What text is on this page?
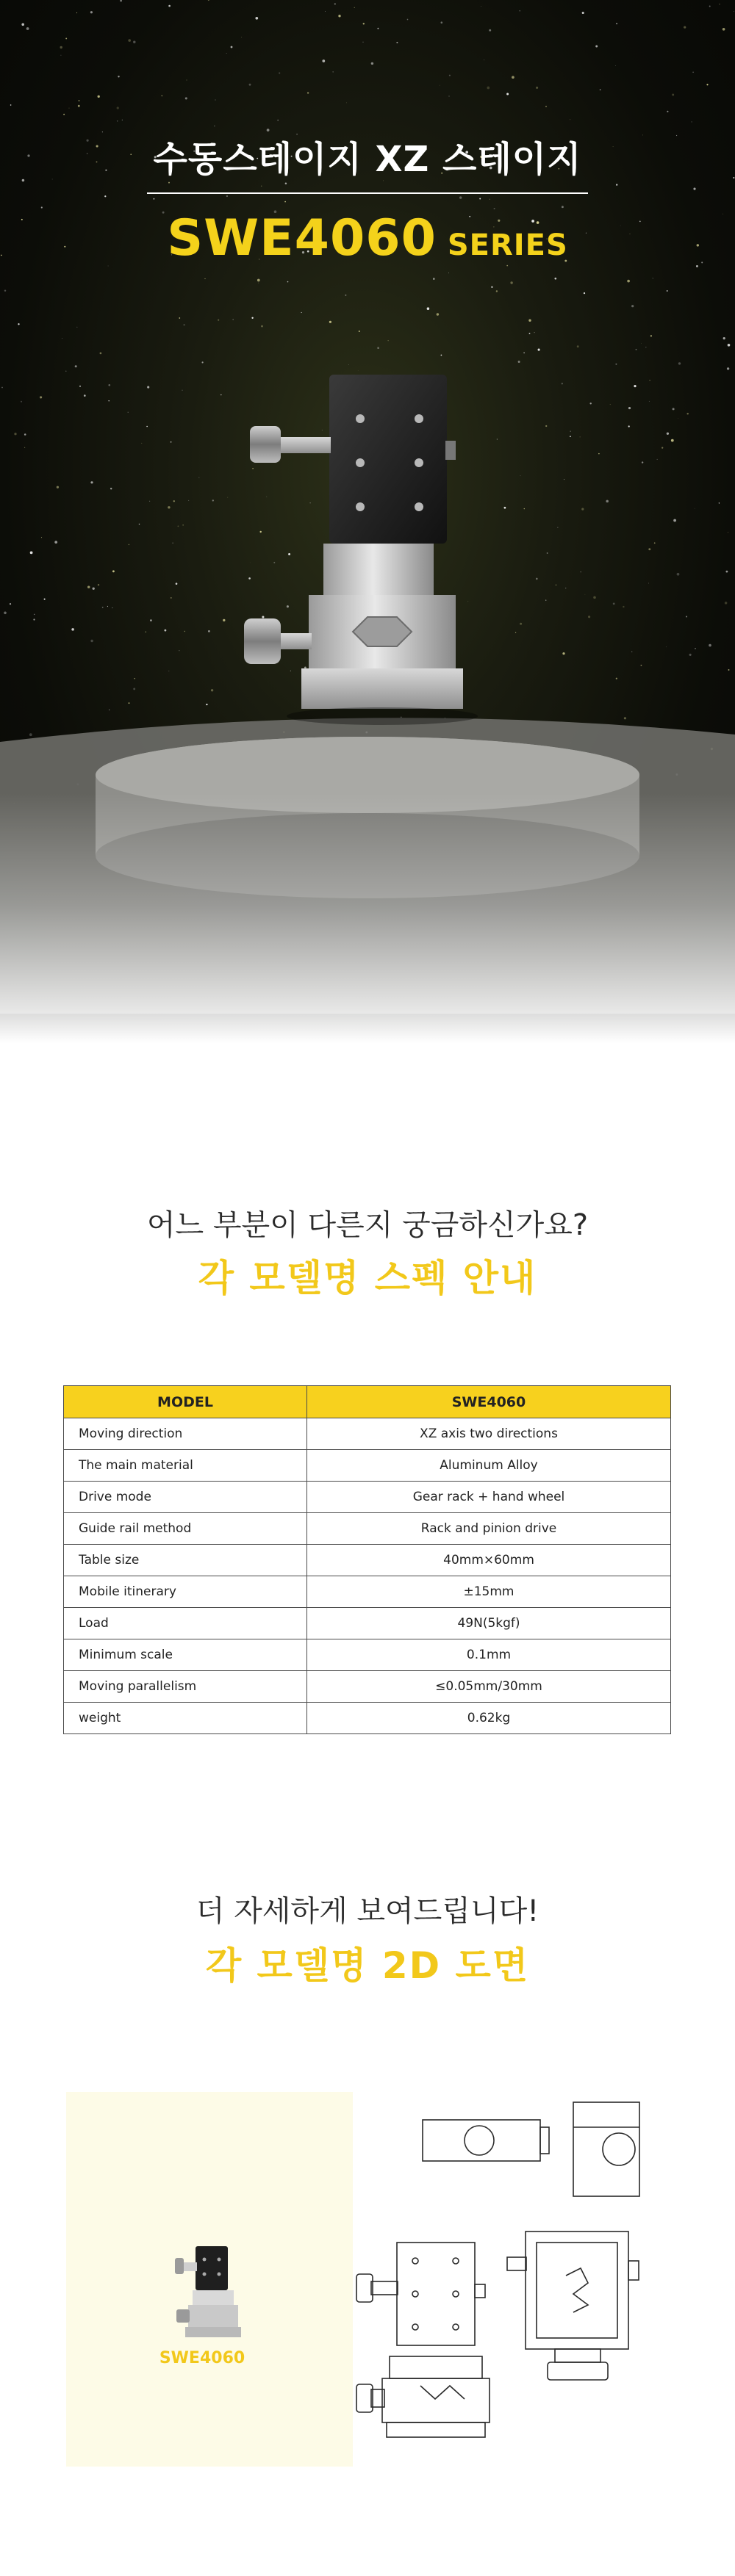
수동스테이지 XZ 스테이지
SWE4060 SERIES
어느 부분이 다른지 궁금하신가요?
각 모델명 스펙 안내
MODEL	SWE4060
Moving direction	XZ axis two directions
The main material	Aluminum Alloy
Drive mode	Gear rack + hand wheel
Guide rail method	Rack and pinion drive
Table size	40mm×60mm
Mobile itinerary	±15mm
Load	49N(5kgf)
Minimum scale	0.1mm
Moving parallelism	≤0.05mm/30mm
weight	0.62kg
더 자세하게 보여드립니다!
각 모델명 2D 도면
SWE4060
